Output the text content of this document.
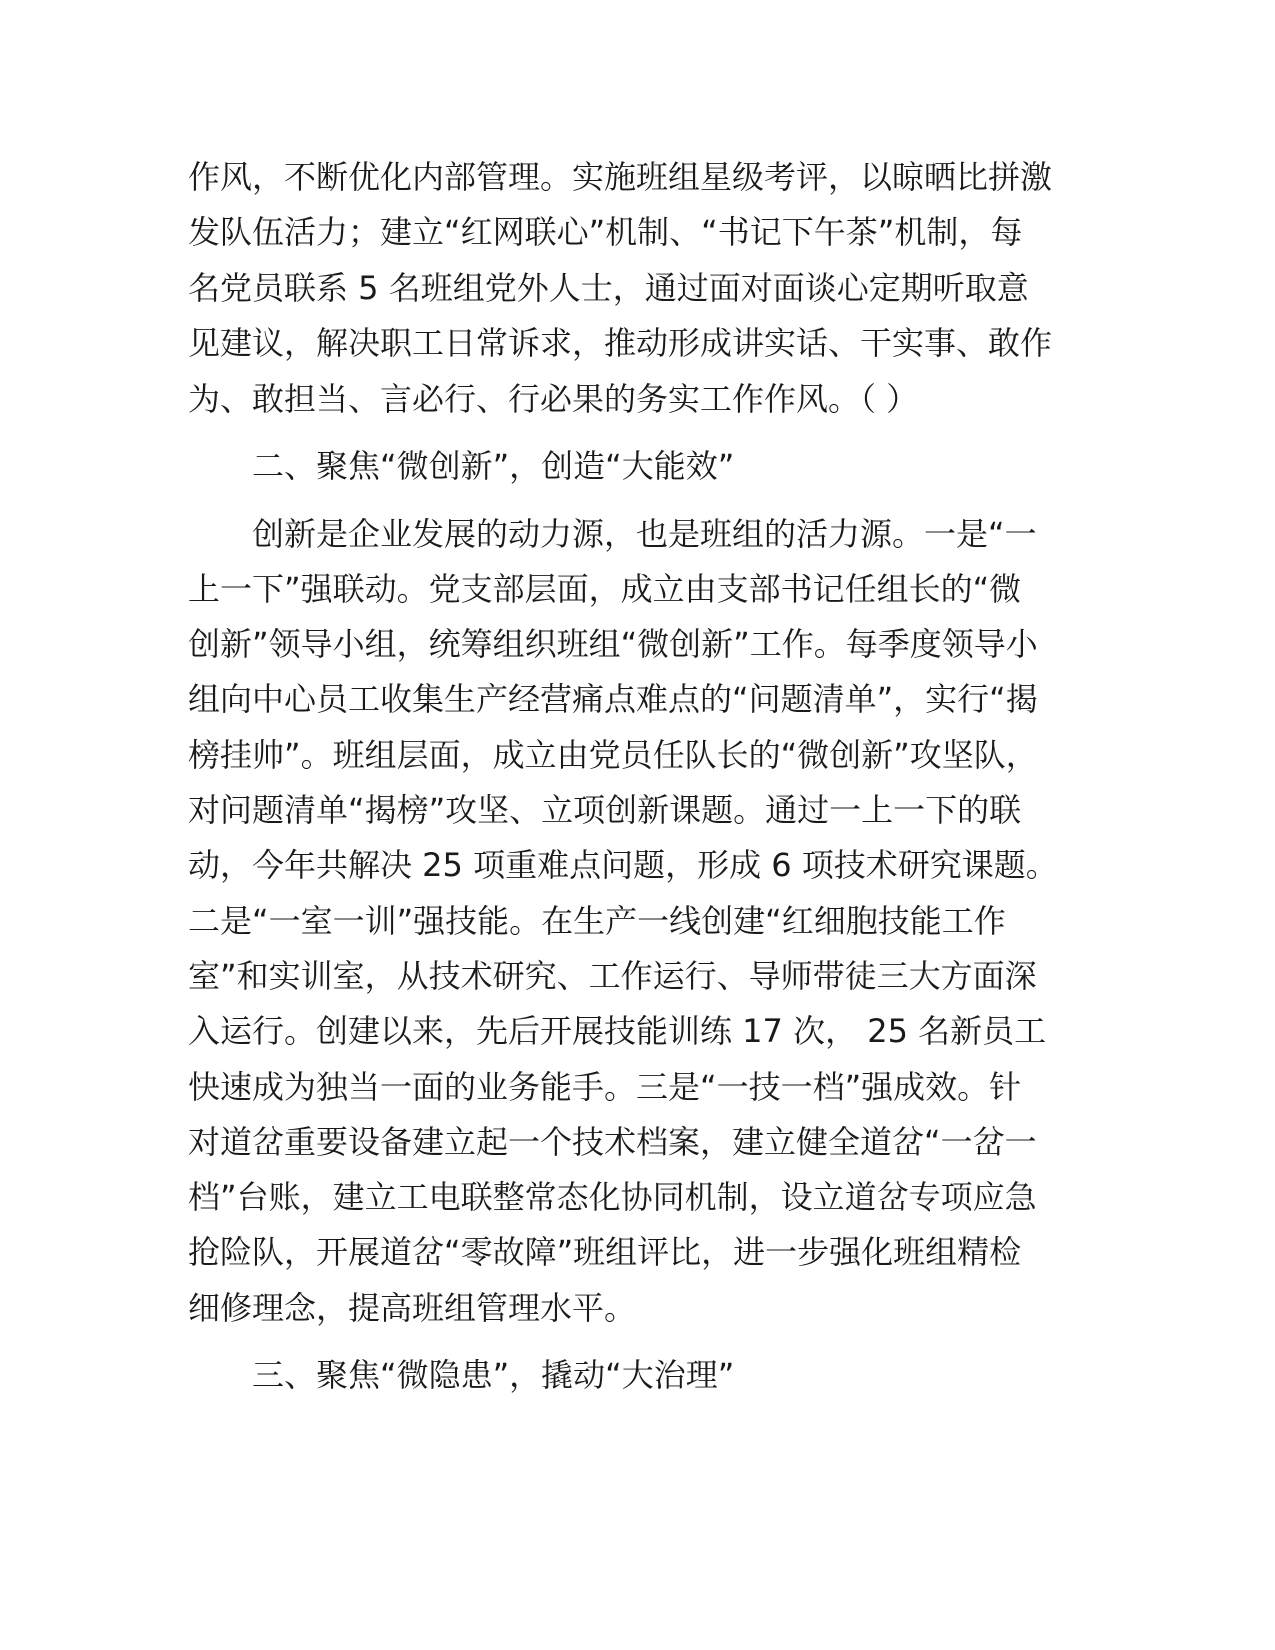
作风，不断优化内部管理。实施班组星级考评，以晾晒比拼激
发队伍活力；建立“红网联心”机制、“书记下午茶”机制，每
名党员联系 5 名班组党外人士，通过面对面谈心定期听取意
见建议，解决职工日常诉求，推动形成讲实话、干实事、敢作
为、敢担当、言必行、行必果的务实工作作风。（ ）
二、聚焦“微创新”，创造“大能效”
创新是企业发展的动力源，也是班组的活力源。一是“一
上一下”强联动。党支部层面，成立由支部书记任组长的“微
创新”领导小组，统筹组织班组“微创新”工作。每季度领导小
组向中心员工收集生产经营痛点难点的“问题清单”，实行“揭
榜挂帅”。班组层面，成立由党员任队长的“微创新”攻坚队，
对问题清单“揭榜”攻坚、立项创新课题。通过一上一下的联
动，今年共解决 25 项重难点问题，形成 6 项技术研究课题。
二是“一室一训”强技能。在生产一线创建“红细胞技能工作
室”和实训室，从技术研究、工作运行、导师带徒三大方面深
入运行。创建以来，先后开展技能训练 17 次， 25 名新员工
快速成为独当一面的业务能手。三是“一技一档”强成效。针
对道岔重要设备建立起一个技术档案，建立健全道岔“一岔一
档”台账，建立工电联整常态化协同机制，设立道岔专项应急
抢险队，开展道岔“零故障”班组评比，进一步强化班组精检
细修理念，提高班组管理水平。
三、聚焦“微隐患”，撬动“大治理”
